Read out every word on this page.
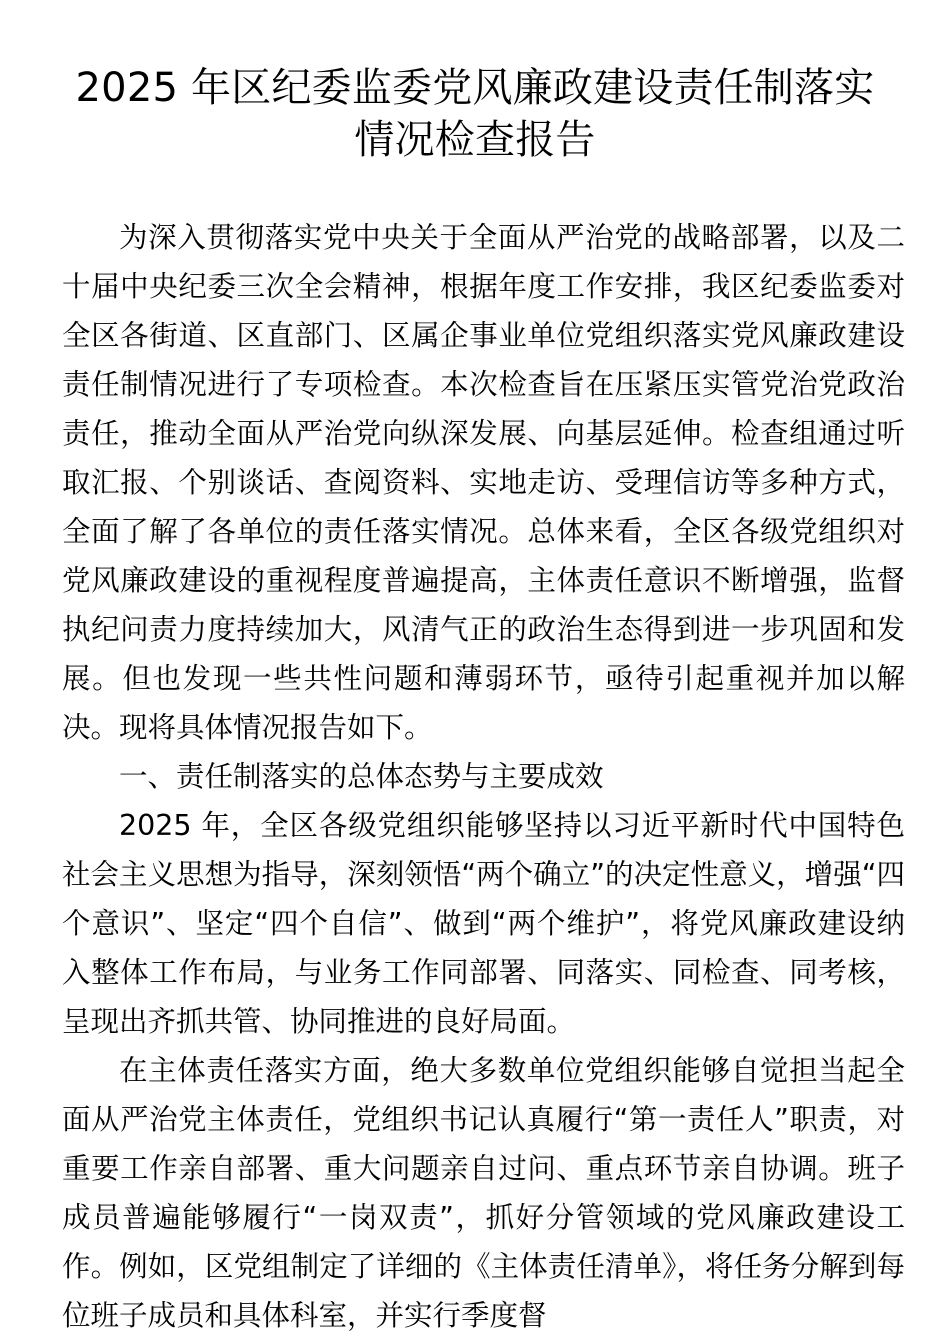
2025 年区纪委监委党风廉政建设责任制落实情况检查报告

为深入贯彻落实党中央关于全面从严治党的战略部署，以及二十届中央纪委三次全会精神，根据年度工作安排，我区纪委监委对全区各街道、区直部门、区属企事业单位党组织落实党风廉政建设责任制情况进行了专项检查。本次检查旨在压紧压实管党治党政治责任，推动全面从严治党向纵深发展、向基层延伸。检查组通过听取汇报、个别谈话、查阅资料、实地走访、受理信访等多种方式，全面了解了各单位的责任落实情况。总体来看，全区各级党组织对党风廉政建设的重视程度普遍提高，主体责任意识不断增强，监督执纪问责力度持续加大，风清气正的政治生态得到进一步巩固和发展。但也发现一些共性问题和薄弱环节，亟待引起重视并加以解决。现将具体情况报告如下。

一、责任制落实的总体态势与主要成效

2025 年，全区各级党组织能够坚持以习近平新时代中国特色社会主义思想为指导，深刻领悟“两个确立”的决定性意义，增强“四个意识”、坚定“四个自信”、做到“两个维护”，将党风廉政建设纳入整体工作布局，与业务工作同部署、同落实、同检查、同考核，呈现出齐抓共管、协同推进的良好局面。

在主体责任落实方面，绝大多数单位党组织能够自觉担当起全面从严治党主体责任，党组织书记认真履行“第一责任人”职责，对重要工作亲自部署、重大问题亲自过问、重点环节亲自协调。班子成员普遍能够履行“一岗双责”，抓好分管领域的党风廉政建设工作。例如，区党组制定了详细的《主体责任清单》，将任务分解到每位班子成员和具体科室，并实行季度督
